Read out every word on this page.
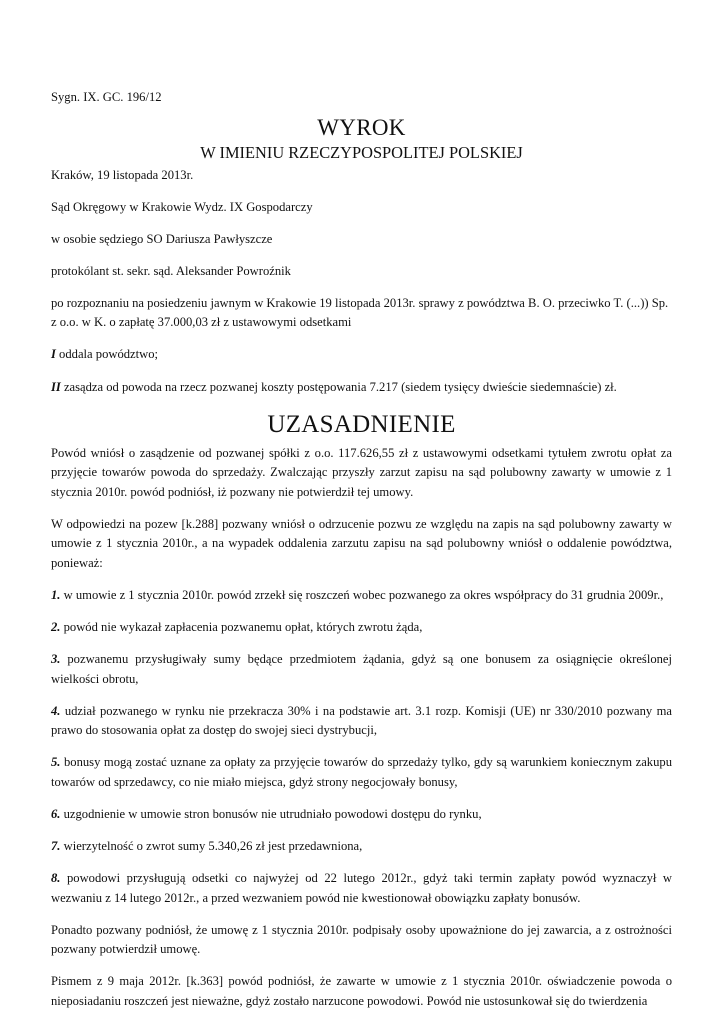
Sygn. IX. GC. 196/12

WYROK
W IMIENIU RZECZYPOSPOLITEJ POLSKIEJ

Kraków, 19 listopada 2013r.

Sąd Okręgowy w Krakowie Wydz. IX Gospodarczy

w osobie sędziego SO Dariusza Pawłyszcze

protokólant st. sekr. sąd. Aleksander Powroźnik

po rozpoznaniu na posiedzeniu jawnym w Krakowie 19 listopada 2013r. sprawy z powództwa B. O. przeciwko T. (...)) Sp. z o.o. w K. o zapłatę 37.000,03 zł z ustawowymi odsetkami

I oddala powództwo;

II zasądza od powoda na rzecz pozwanej koszty postępowania 7.217 (siedem tysięcy dwieście siedemnaście) zł.

UZASADNIENIE

Powód wniósł o zasądzenie od pozwanej spółki z o.o. 117.626,55 zł z ustawowymi odsetkami tytułem zwrotu opłat za przyjęcie towarów powoda do sprzedaży. Zwalczając przyszły zarzut zapisu na sąd polubowny zawarty w umowie z 1 stycznia 2010r. powód podniósł, iż pozwany nie potwierdził tej umowy.

W odpowiedzi na pozew [k.288] pozwany wniósł o odrzucenie pozwu ze względu na zapis na sąd polubowny zawarty w umowie z 1 stycznia 2010r., a na wypadek oddalenia zarzutu zapisu na sąd polubowny wniósł o oddalenie powództwa, ponieważ:

1. w umowie z 1 stycznia 2010r. powód zrzekł się roszczeń wobec pozwanego za okres współpracy do 31 grudnia 2009r.,

2. powód nie wykazał zapłacenia pozwanemu opłat, których zwrotu żąda,

3. pozwanemu przysługiwały sumy będące przedmiotem żądania, gdyż są one bonusem za osiągnięcie określonej wielkości obrotu,

4. udział pozwanego w rynku nie przekracza 30% i na podstawie art. 3.1 rozp. Komisji (UE) nr 330/2010 pozwany ma prawo do stosowania opłat za dostęp do swojej sieci dystrybucji,

5. bonusy mogą zostać uznane za opłaty za przyjęcie towarów do sprzedaży tylko, gdy są warunkiem koniecznym zakupu towarów od sprzedawcy, co nie miało miejsca, gdyż strony negocjowały bonusy,

6. uzgodnienie w umowie stron bonusów nie utrudniało powodowi dostępu do rynku,

7. wierzytelność o zwrot sumy 5.340,26 zł jest przedawniona,

8. powodowi przysługują odsetki co najwyżej od 22 lutego 2012r., gdyż taki termin zapłaty powód wyznaczył w wezwaniu z 14 lutego 2012r., a przed wezwaniem powód nie kwestionował obowiązku zapłaty bonusów.

Ponadto pozwany podniósł, że umowę z 1 stycznia 2010r. podpisały osoby upoważnione do jej zawarcia, a z ostrożności pozwany potwierdził umowę.

Pismem z 9 maja 2012r. [k.363] powód podniósł, że zawarte w umowie z 1 stycznia 2010r. oświadczenie powoda o nieposiadaniu roszczeń jest nieważne, gdyż zostało narzucone powodowi. Powód nie ustosunkował się do twierdzenia
